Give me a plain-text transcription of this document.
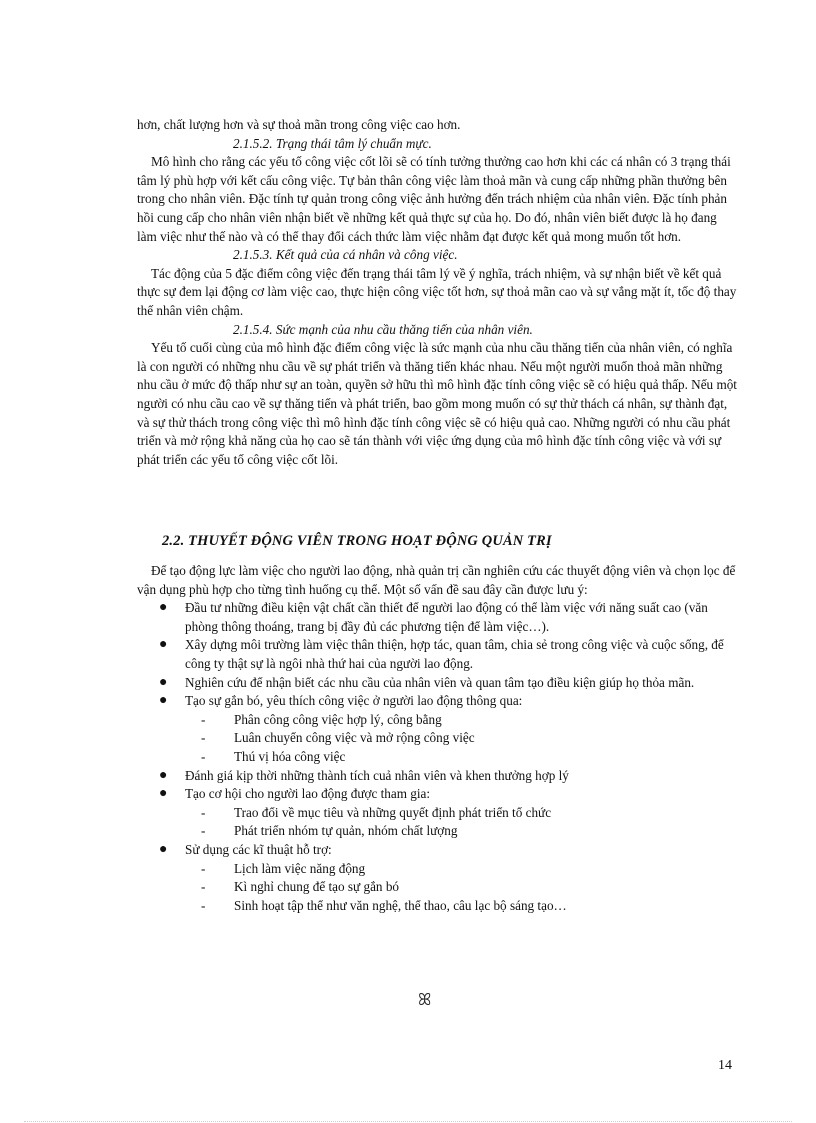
hơn, chất lượng hơn và sự thoả mãn trong công việc cao hơn.

2.1.5.2. Trạng thái tâm lý chuẩn mực.

Mô hình cho rằng các yếu tố công việc cốt lõi sẽ có tính tưởng thưởng cao hơn khi các cá nhân có 3 trạng thái tâm lý phù hợp với kết cấu công việc. Tự bản thân công việc làm thoả mãn và cung cấp những phần thưởng bên trong cho nhân viên. Đặc tính tự quản trong công việc ảnh hưởng đến trách nhiệm của nhân viên. Đặc tính phản hồi cung cấp cho nhân viên nhận biết về những kết quả thực sự của họ. Do đó, nhân viên biết được là họ đang làm việc như thế nào và có thể thay đổi cách thức làm việc nhằm đạt được kết quả mong muốn tốt hơn.

2.1.5.3. Kết quả của cá nhân và công việc.

Tác động của 5 đặc điểm công việc đến trạng thái tâm lý về ý nghĩa, trách nhiệm, và sự nhận biết về kết quả thực sự đem lại động cơ làm việc cao, thực hiện công việc tốt hơn, sự thoả mãn cao và sự vắng mặt ít, tốc độ thay thế nhân viên chậm.

2.1.5.4. Sức mạnh của nhu cầu thăng tiến của nhân viên.

Yếu tố cuối cùng của mô hình đặc điểm công việc là sức mạnh của nhu cầu thăng tiến của nhân viên, có nghĩa là con người có những nhu cầu về sự phát triển và thăng tiến khác nhau. Nếu một người muốn thoả mãn những nhu cầu ở mức độ thấp như sự an toàn, quyền sở hữu thì mô hình đặc tính công việc sẽ có hiệu quả thấp. Nếu một người có nhu cầu cao về sự thăng tiến và phát triển, bao gồm mong muốn có sự thử thách cá nhân, sự thành đạt, và sự thử thách trong công việc thì mô hình đặc tính công việc sẽ có hiệu quả cao. Những người có nhu cầu phát triển và mở rộng khả năng của họ cao sẽ tán thành với việc ứng dụng của mô hình đặc tính công việc và với sự phát triển các yếu tố công việc cốt lõi.

2.2. THUYẾT ĐỘNG VIÊN TRONG HOẠT ĐỘNG QUẢN TRỊ

Để tạo động lực làm việc cho người lao động, nhà quản trị cần nghiên cứu các thuyết động viên và chọn lọc để vận dụng phù hợp cho từng tình huống cụ thể. Một số vấn đề sau đây cần được lưu ý:

● Đầu tư những điều kiện vật chất cần thiết để người lao động có thể làm việc với năng suất cao (văn phòng thông thoáng, trang bị đầy đủ các phương tiện để làm việc…).
● Xây dựng môi trường làm việc thân thiện, hợp tác, quan tâm, chia sẻ trong công việc và cuộc sống, để công ty thật sự là ngôi nhà thứ hai của người lao động.
● Nghiên cứu để nhận biết các nhu cầu của nhân viên và quan tâm tạo điều kiện giúp họ thỏa mãn.
● Tạo sự gắn bó, yêu thích công việc ở người lao động thông qua:
- Phân công công việc hợp lý, công bằng
- Luân chuyển công việc và mở rộng công việc
- Thú vị hóa công việc
● Đánh giá kịp thời những thành tích cuả nhân viên và khen thưởng hợp lý
● Tạo cơ hội cho người lao động được tham gia:
- Trao đổi về mục tiêu và những quyết định phát triển tổ chức
- Phát triển nhóm tự quản, nhóm chất lượng
● Sử dụng các kĩ thuật hỗ trợ:
- Lịch làm việc năng động
- Kì nghỉ chung để tạo sự gắn bó
- Sinh hoạt tập thể như văn nghệ, thể thao, câu lạc bộ sáng tạo…
ꕤ
14
